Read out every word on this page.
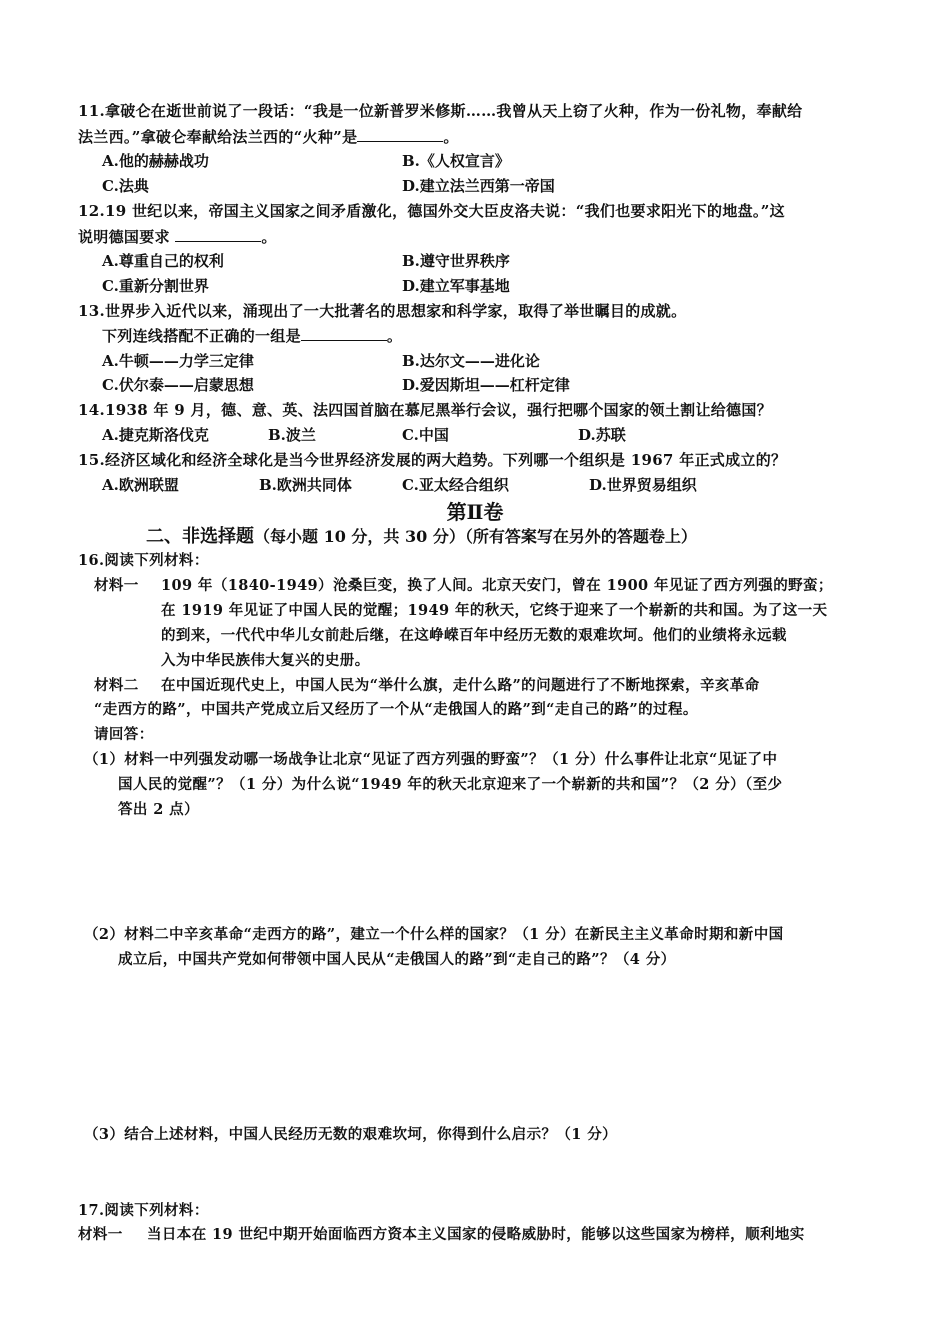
11.拿破仑在逝世前说了一段话：“我是一位新普罗米修斯……我曾从天上窃了火种，作为一份礼物，奉献给
法兰西。”拿破仑奉献给法兰西的“火种”是	。
A.他的赫赫战功	B.《人权宣言》
C.法典	D.建立法兰西第一帝国
12.19 世纪以来，帝国主义国家之间矛盾激化，德国外交大臣皮洛夫说：“我们也要求阳光下的地盘。”这
说明德国要求	。
A.尊重自己的权利	B.遵守世界秩序
C.重新分割世界	D.建立军事基地
13.世界步入近代以来，涌现出了一大批著名的思想家和科学家，取得了举世瞩目的成就。
下列连线搭配不正确的一组是	。
A.牛顿——力学三定律	B.达尔文——进化论
C.伏尔泰——启蒙思想	D.爱因斯坦——杠杆定律
14.1938 年 9 月，德、意、英、法四国首脑在慕尼黑举行会议，强行把哪个国家的领土割让给德国？
A.捷克斯洛伐克	B.波兰	C.中国	D.苏联
15.经济区域化和经济全球化是当今世界经济发展的两大趋势。下列哪一个组织是 1967 年正式成立的？
A.欧洲联盟	B.欧洲共同体	C.亚太经合组织	D.世界贸易组织
第Ⅱ卷
二、非选择题（每小题 10 分，共 30 分）（所有答案写在另外的答题卷上）
16.阅读下列材料：
材料一 109 年（1840-1949）沧桑巨变，换了人间。北京天安门，曾在 1900 年见证了西方列强的野蛮；
在 1919 年见证了中国人民的觉醒；1949 年的秋天，它终于迎来了一个崭新的共和国。为了这一天
的到来，一代代中华儿女前赴后继，在这峥嵘百年中经历无数的艰难坎坷。他们的业绩将永远载
入为中华民族伟大复兴的史册。
材料二 在中国近现代史上，中国人民为“举什么旗，走什么路”的问题进行了不断地探索，辛亥革命
“走西方的路”，中国共产党成立后又经历了一个从“走俄国人的路”到“走自己的路”的过程。
请回答：
（1）材料一中列强发动哪一场战争让北京“见证了西方列强的野蛮”？（1 分）什么事件让北京“见证了中
国人民的觉醒”？（1 分）为什么说“1949 年的秋天北京迎来了一个崭新的共和国”？（2 分）（至少
答出 2 点）
（2）材料二中辛亥革命“走西方的路”，建立一个什么样的国家？（1 分）在新民主主义革命时期和新中国
成立后，中国共产党如何带领中国人民从“走俄国人的路”到“走自己的路”？（4 分）
（3）结合上述材料，中国人民经历无数的艰难坎坷，你得到什么启示？（1 分）
17.阅读下列材料：
材料一 当日本在 19 世纪中期开始面临西方资本主义国家的侵略威胁时，能够以这些国家为榜样，顺利地实
